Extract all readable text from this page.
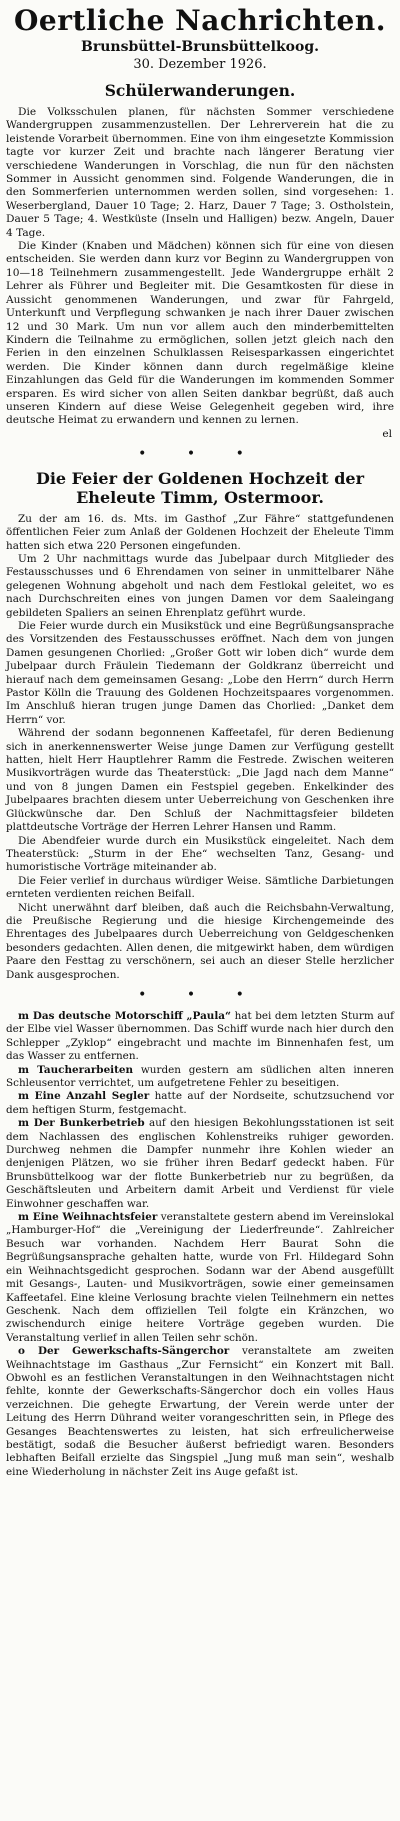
Oertliche Nachrichten.
Brunsbüttel-Brunsbüttelkoog.
30. Dezember 1926.
Schülerwanderungen.

Die Volksschulen planen, für nächsten Sommer verschiedene Wandergruppen zusammenzustellen. Der Lehrerverein hat die zu leistende Vorarbeit übernommen. Eine von ihm eingesetzte Kommission tagte vor kurzer Zeit und brachte nach längerer Beratung vier verschiedene Wanderungen in Vorschlag, die nun für den nächsten Sommer in Aussicht genommen sind. Folgende Wanderungen, die in den Sommerferien unternommen werden sollen, sind vorgesehen: 1. Weserbergland, Dauer 10 Tage; 2. Harz, Dauer 7 Tage; 3. Ostholstein, Dauer 5 Tage; 4. Westküste (Inseln und Halligen) bezw. Angeln, Dauer 4 Tage.

Die Kinder (Knaben und Mädchen) können sich für eine von diesen entscheiden. Sie werden dann kurz vor Beginn zu Wandergruppen von 10—18 Teilnehmern zusammengestellt. Jede Wandergruppe erhält 2 Lehrer als Führer und Begleiter mit. Die Gesamtkosten für diese in Aussicht genommenen Wanderungen, und zwar für Fahrgeld, Unterkunft und Verpflegung schwanken je nach ihrer Dauer zwischen 12 und 30 Mark. Um nun vor allem auch den minderbemittelten Kindern die Teilnahme zu ermöglichen, sollen jetzt gleich nach den Ferien in den einzelnen Schulklassen Reisesparkassen eingerichtet werden. Die Kinder können dann durch regelmäßige kleine Einzahlungen das Geld für die Wanderungen im kommenden Sommer ersparen. Es wird sicher von allen Seiten dankbar begrüßt, daß auch unseren Kindern auf diese Weise Gelegenheit gegeben wird, ihre deutsche Heimat zu erwandern und kennen zu lernen.

el
• • •
Die Feier der Goldenen Hochzeit der Eheleute Timm, Ostermoor.

Zu der am 16. ds. Mts. im Gasthof „Zur Fähre“ stattgefundenen öffentlichen Feier zum Anlaß der Goldenen Hochzeit der Eheleute Timm hatten sich etwa 220 Personen eingefunden.

Um 2 Uhr nachmittags wurde das Jubelpaar durch Mitglieder des Festausschusses und 6 Ehrendamen von seiner in unmittelbarer Nähe gelegenen Wohnung abgeholt und nach dem Festlokal geleitet, wo es nach Durchschreiten eines von jungen Damen vor dem Saaleingang gebildeten Spaliers an seinen Ehrenplatz geführt wurde.

Die Feier wurde durch ein Musikstück und eine Begrüßungsansprache des Vorsitzenden des Festausschusses eröffnet. Nach dem von jungen Damen gesungenen Chorlied: „Großer Gott wir loben dich“ wurde dem Jubelpaar durch Fräulein Tiedemann der Goldkranz überreicht und hierauf nach dem gemeinsamen Gesang: „Lobe den Herrn“ durch Herrn Pastor Kölln die Trauung des Goldenen Hochzeitspaares vorgenommen. Im Anschluß hieran trugen junge Damen das Chorlied: „Danket dem Herrn“ vor.

Während der sodann begonnenen Kaffeetafel, für deren Bedienung sich in anerkennenswerter Weise junge Damen zur Verfügung gestellt hatten, hielt Herr Hauptlehrer Ramm die Festrede. Zwischen weiteren Musikvorträgen wurde das Theaterstück: „Die Jagd nach dem Manne“ und von 8 jungen Damen ein Festspiel gegeben. Enkelkinder des Jubelpaares brachten diesem unter Ueberreichung von Geschenken ihre Glückwünsche dar. Den Schluß der Nachmittagsfeier bildeten plattdeutsche Vorträge der Herren Lehrer Hansen und Ramm.

Die Abendfeier wurde durch ein Musikstück eingeleitet. Nach dem Theaterstück: „Sturm in der Ehe“ wechselten Tanz, Gesang- und humoristische Vorträge miteinander ab.

Die Feier verlief in durchaus würdiger Weise. Sämtliche Darbietungen ernteten verdienten reichen Beifall.

Nicht unerwähnt darf bleiben, daß auch die Reichsbahn-Verwaltung, die Preußische Regierung und die hiesige Kirchengemeinde des Ehrentages des Jubelpaares durch Ueberreichung von Geldgeschenken besonders gedachten. Allen denen, die mitgewirkt haben, dem würdigen Paare den Festtag zu verschönern, sei auch an dieser Stelle herzlicher Dank ausgesprochen.

• • •

m Das deutsche Motorschiff „Paula“ hat bei dem letzten Sturm auf der Elbe viel Wasser übernommen. Das Schiff wurde nach hier durch den Schlepper „Zyklop“ eingebracht und machte im Binnenhafen fest, um das Wasser zu entfernen.

m Taucherarbeiten wurden gestern am südlichen alten inneren Schleusentor verrichtet, um aufgetretene Fehler zu beseitigen.

m Eine Anzahl Segler hatte auf der Nordseite, schutzsuchend vor dem heftigen Sturm, festgemacht.

m Der Bunkerbetrieb auf den hiesigen Bekohlungsstationen ist seit dem Nachlassen des englischen Kohlenstreiks ruhiger geworden. Durchweg nehmen die Dampfer nunmehr ihre Kohlen wieder an denjenigen Plätzen, wo sie früher ihren Bedarf gedeckt haben. Für Brunsbüttelkoog war der flotte Bunkerbetrieb nur zu begrüßen, da Geschäftsleuten und Arbeitern damit Arbeit und Verdienst für viele Einwohner geschaffen war.

m Eine Weihnachtsfeier veranstaltete gestern abend im Vereinslokal „Hamburger-Hof“ die „Vereinigung der Liederfreunde“. Zahlreicher Besuch war vorhanden. Nachdem Herr Baurat Sohn die Begrüßungsansprache gehalten hatte, wurde von Frl. Hildegard Sohn ein Weihnachtsgedicht gesprochen. Sodann war der Abend ausgefüllt mit Gesangs-, Lauten- und Musikvorträgen, sowie einer gemeinsamen Kaffeetafel. Eine kleine Verlosung brachte vielen Teilnehmern ein nettes Geschenk. Nach dem offiziellen Teil folgte ein Kränzchen, wo zwischendurch einige heitere Vorträge gegeben wurden. Die Veranstaltung verlief in allen Teilen sehr schön.

o Der Gewerkschafts-Sängerchor veranstaltete am zweiten Weihnachtstage im Gasthaus „Zur Fernsicht“ ein Konzert mit Ball. Obwohl es an festlichen Veranstaltungen in den Weihnachtstagen nicht fehlte, konnte der Gewerkschafts-Sängerchor doch ein volles Haus verzeichnen. Die gehegte Erwartung, der Verein werde unter der Leitung des Herrn Dührand weiter vorangeschritten sein, in Pflege des Gesanges Beachtenswertes zu leisten, hat sich erfreulicherweise bestätigt, sodaß die Besucher äußerst befriedigt waren. Besonders lebhaften Beifall erzielte das Singspiel „Jung muß man sein“, weshalb eine Wiederholung in nächster Zeit ins Auge gefaßt ist.
